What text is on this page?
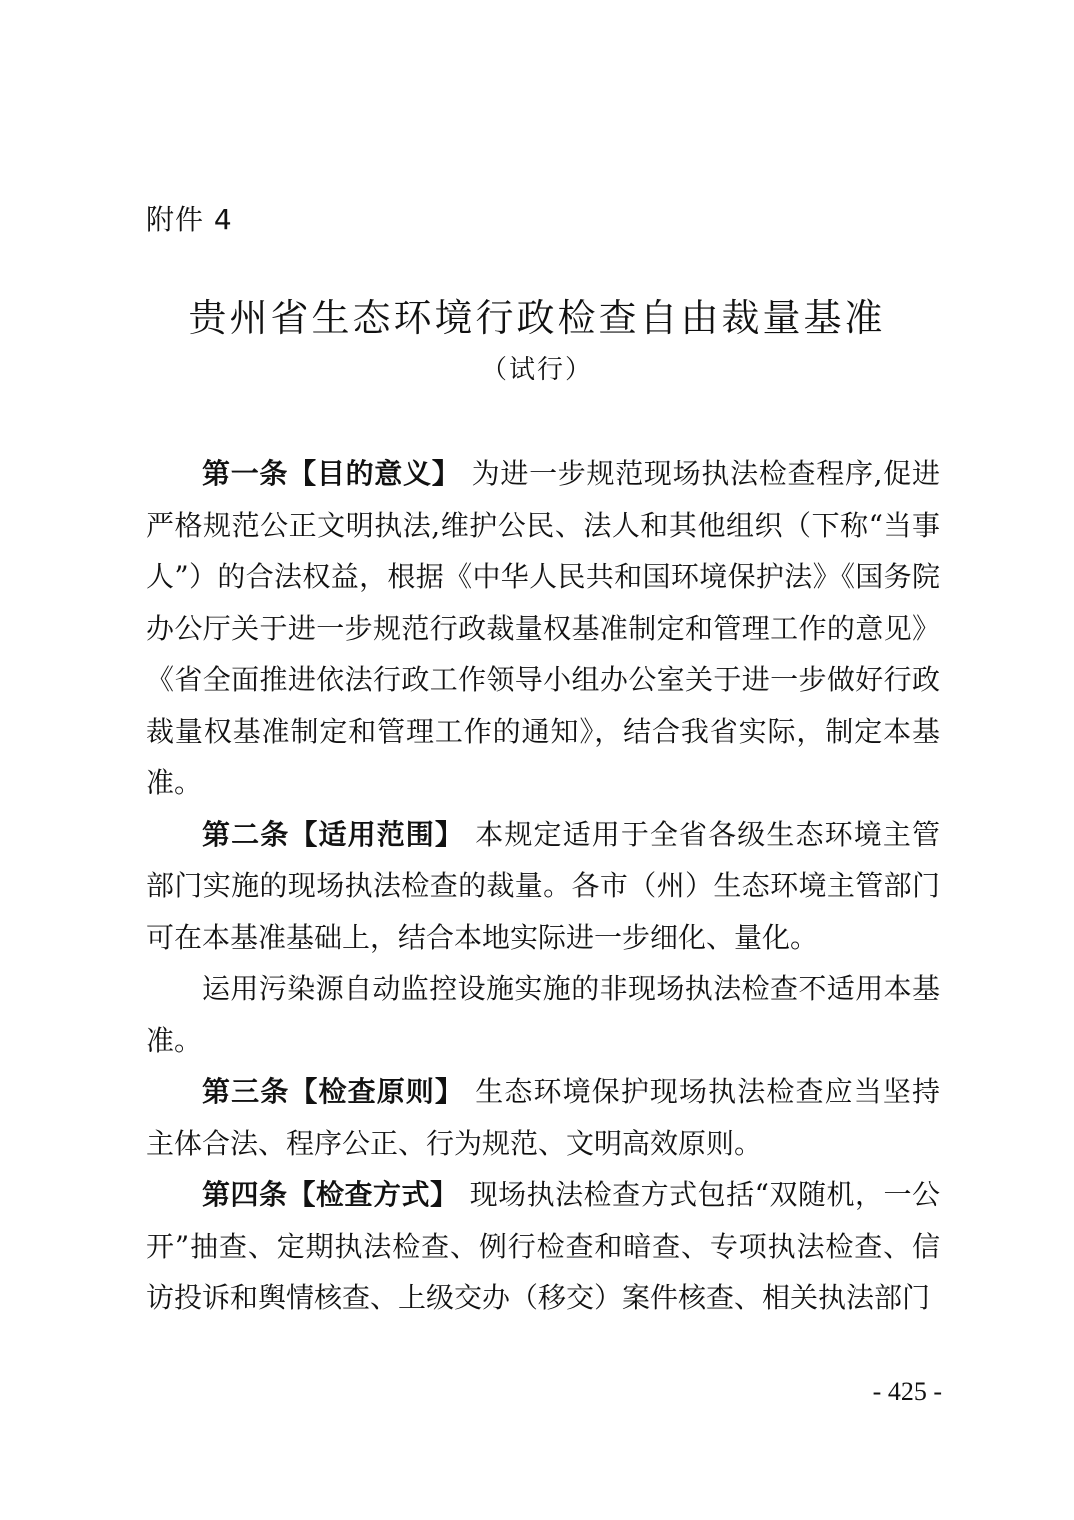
附件 4
贵州省生态环境行政检查自由裁量基准
（试行）

第一条【目的意义】 为进一步规范现场执法检查程序,促进严格规范公正文明执法,维护公民、法人和其他组织（下称“当事人”）的合法权益，根据《中华人民共和国环境保护法》《国务院办公厅关于进一步规范行政裁量权基准制定和管理工作的意见》《省全面推进依法行政工作领导小组办公室关于进一步做好行政裁量权基准制定和管理工作的通知》，结合我省实际，制定本基准。

第二条【适用范围】 本规定适用于全省各级生态环境主管部门实施的现场执法检查的裁量。各市（州）生态环境主管部门可在本基准基础上，结合本地实际进一步细化、量化。

运用污染源自动监控设施实施的非现场执法检查不适用本基准。

第三条【检查原则】 生态环境保护现场执法检查应当坚持主体合法、程序公正、行为规范、文明高效原则。

第四条【检查方式】 现场执法检查方式包括“双随机，一公开”抽查、定期执法检查、例行检查和暗查、专项执法检查、信访投诉和舆情核查、上级交办（移交）案件核查、相关执法部门

- 425 -
